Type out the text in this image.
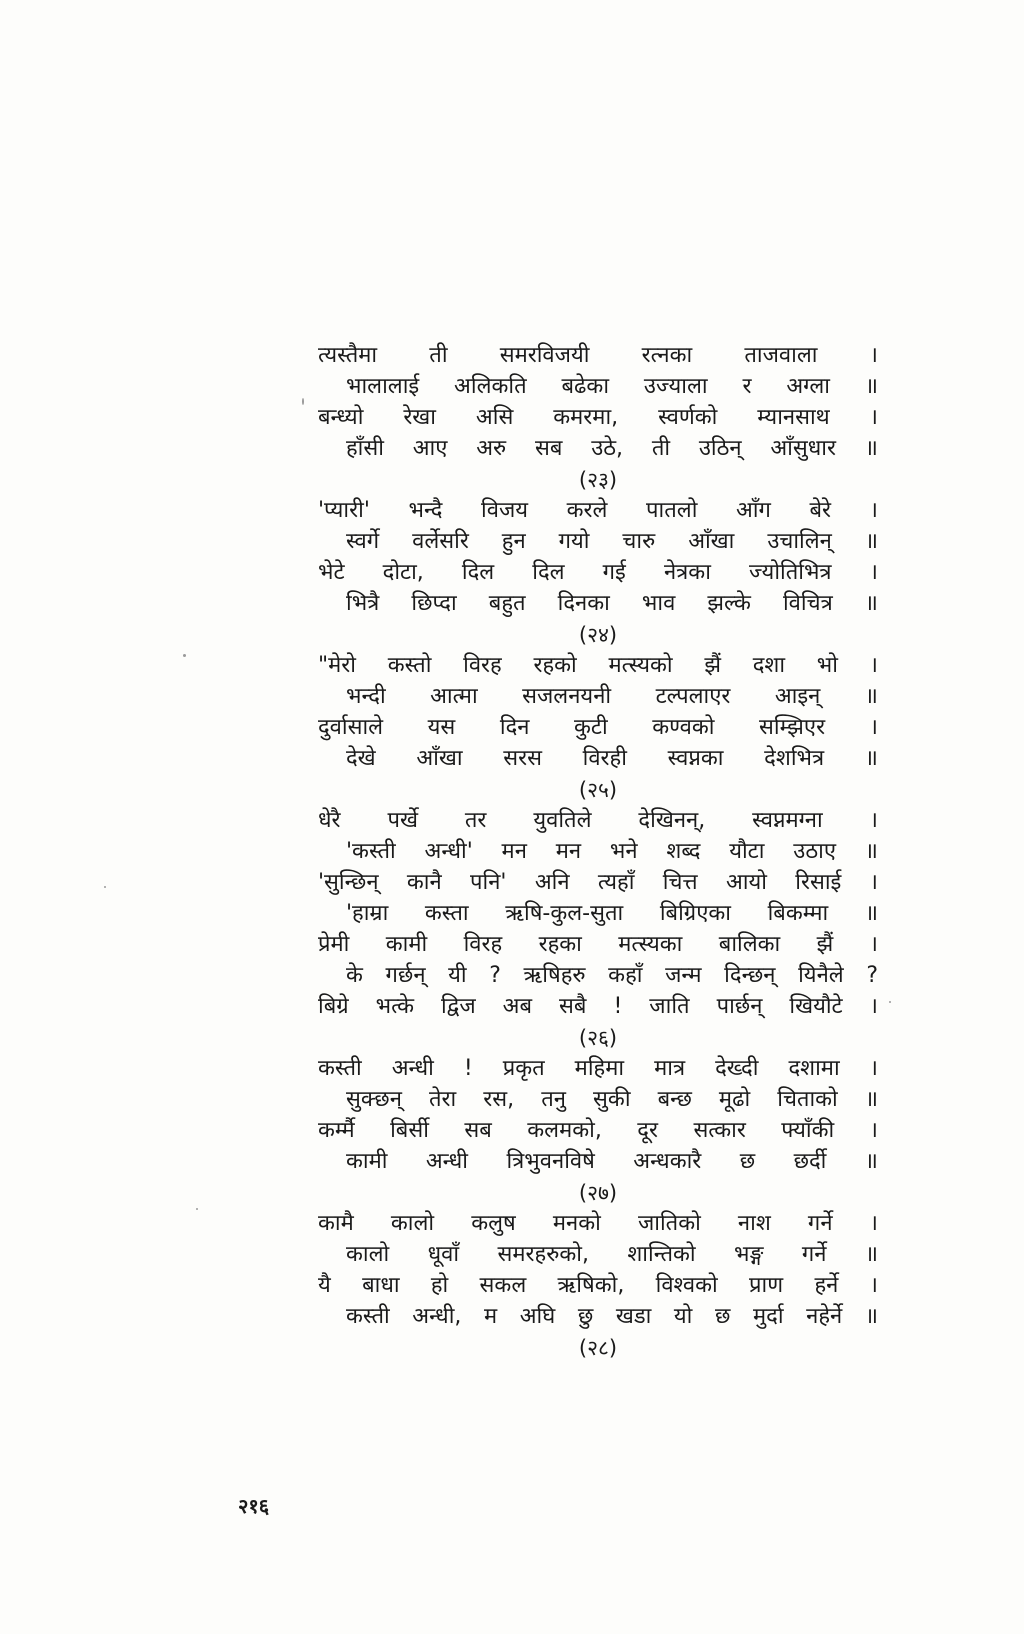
त्यस्तैमा ती समरविजयी रत्नका ताजवाला ।
भालालाई अलिकति बढेका उज्याला र अग्ला ॥
बन्ध्यो रेखा असि कमरमा, स्वर्णको म्यानसाथ ।
हाँसी आए अरु सब उठे, ती उठिन् आँसुधार ॥
(२३)
'प्यारी' भन्दै विजय करले पातलो आँग बेरे ।
स्वर्गे वर्लेसरि हुन गयो चारु आँखा उचालिन् ॥
भेटे दोटा, दिल दिल गई नेत्रका ज्योतिभित्र ।
भित्रै छिप्दा बहुत दिनका भाव झल्के विचित्र ॥
(२४)
"मेरो कस्तो विरह रहको मत्स्यको झैं दशा भो ।
भन्दी आत्मा सजलनयनी टल्पलाएर आइन् ॥
दुर्वासाले यस दिन कुटी कण्वको सम्झिएर ।
देखे आँखा सरस विरही स्वप्नका देशभित्र ॥
(२५)
धेरै पर्खे तर युवतिले देखिनन्, स्वप्नमग्ना ।
'कस्ती अन्धी' मन मन भने शब्द यौटा उठाए ॥
'सुन्छिन् कानै पनि' अनि त्यहाँ चित्त आयो रिसाई ।
'हाम्रा कस्ता ऋषि-कुल-सुता बिग्रिएका बिकम्मा ॥
प्रेमी कामी विरह रहका मत्स्यका बालिका झैं ।
के गर्छन् यी ? ऋषिहरु कहाँ जन्म दिन्छन् यिनैले ?
बिग्रे भत्के द्विज अब सबै ! जाति पार्छन् खियौटे ।
(२६)
कस्ती अन्धी ! प्रकृत महिमा मात्र देख्दी दशामा ।
सुक्छन् तेरा रस, तनु सुकी बन्छ मूढो चिताको ॥
कर्म्मै बिर्सी सब कलमको, दूर सत्कार फ्याँकी ।
कामी अन्धी त्रिभुवनविषे अन्धकारै छ छर्दी ॥
(२७)
कामै कालो कलुष मनको जातिको नाश गर्ने ।
कालो धूवाँ समरहरुको, शान्तिको भङ्ग गर्ने ॥
यै बाधा हो सकल ऋषिको, विश्वको प्राण हर्ने ।
कस्ती अन्धी, म अघि छु खडा यो छ मुर्दा नहेर्ने ॥
(२८)
२१६
